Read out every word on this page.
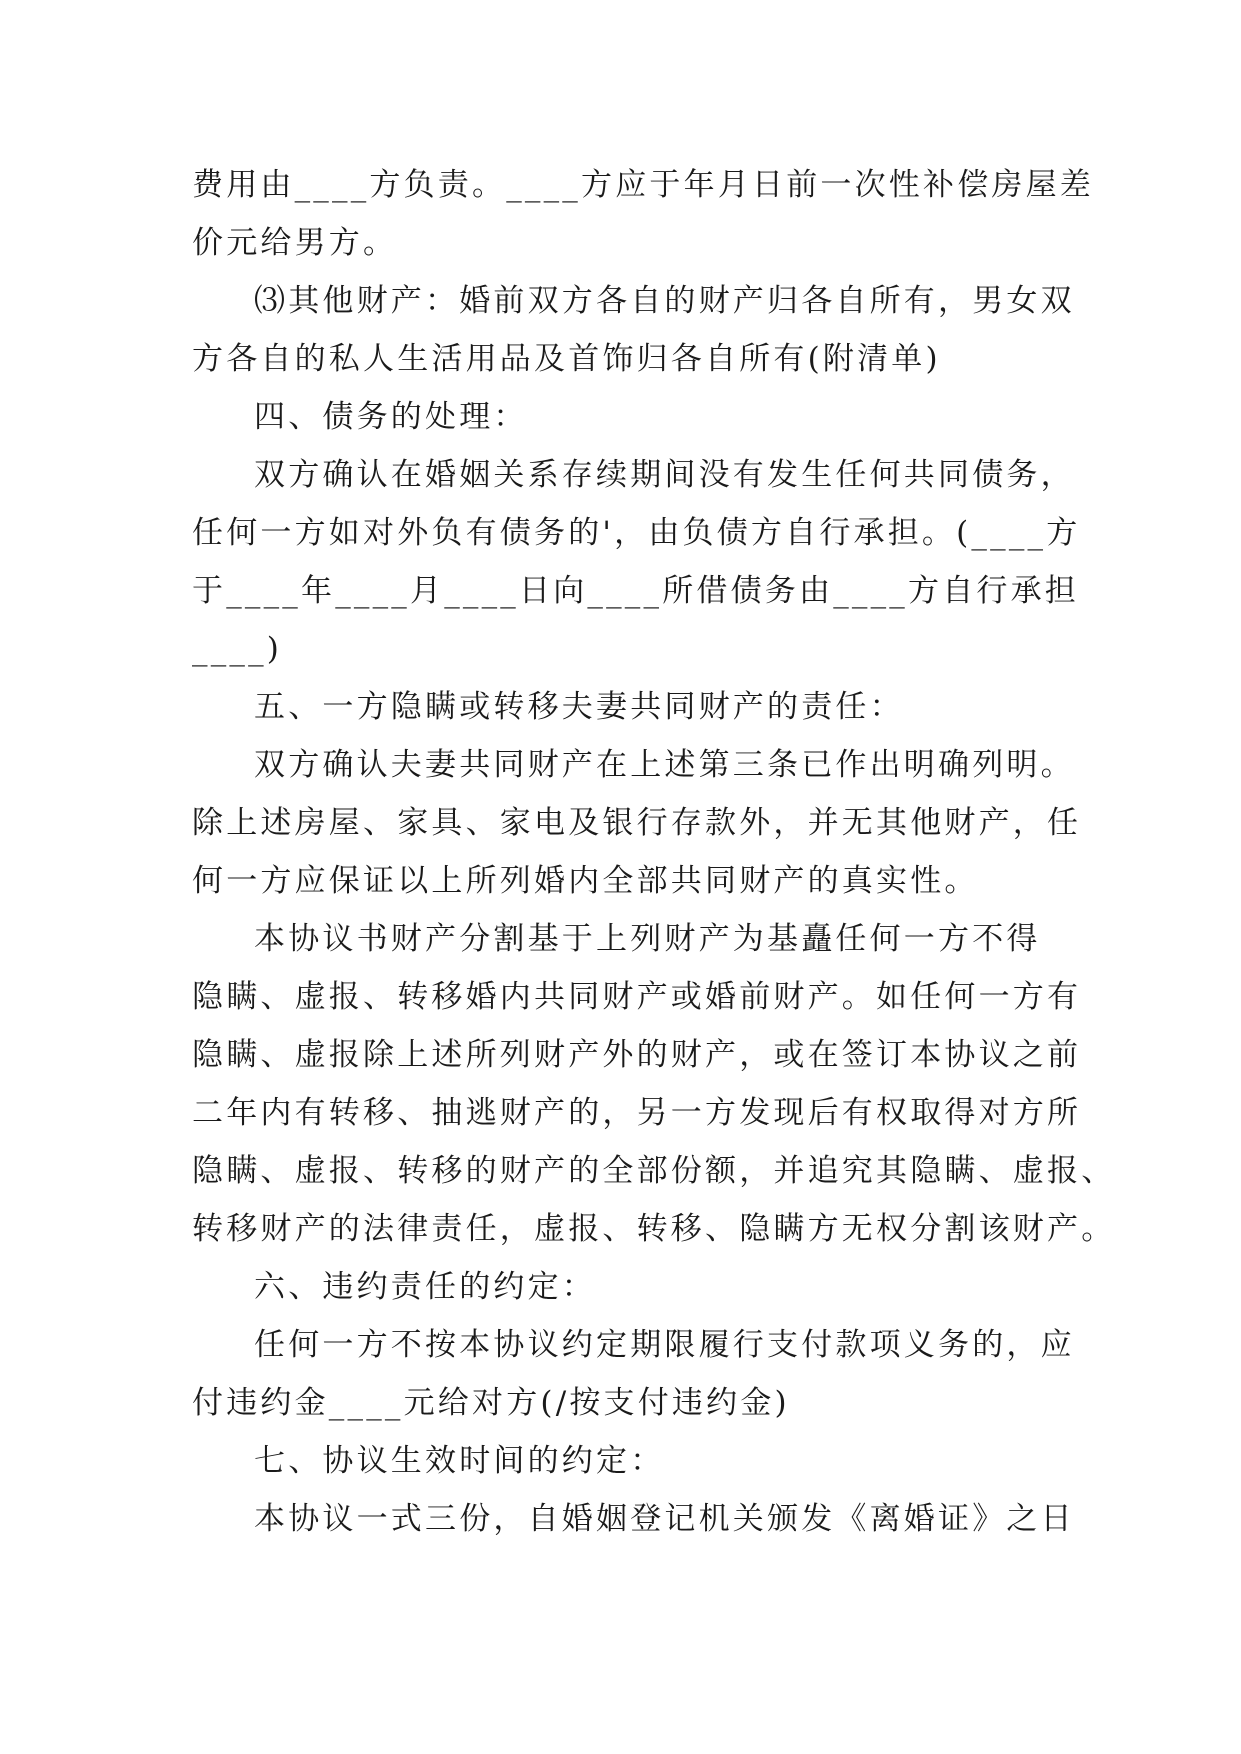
费用由____方负责。____方应于年月日前一次性补偿房屋差
价元给男方。
⑶其他财产：婚前双方各自的财产归各自所有，男女双
方各自的私人生活用品及首饰归各自所有(附清单)
四、债务的处理：
双方确认在婚姻关系存续期间没有发生任何共同债务，
任何一方如对外负有债务的'，由负债方自行承担。(____方
于____年____月____日向____所借债务由____方自行承担
____)
五、一方隐瞒或转移夫妻共同财产的责任：
双方确认夫妻共同财产在上述第三条已作出明确列明。
除上述房屋、家具、家电及银行存款外，并无其他财产，任
何一方应保证以上所列婚内全部共同财产的真实性。
本协议书财产分割基于上列财产为基矗任何一方不得
隐瞒、虚报、转移婚内共同财产或婚前财产。如任何一方有
隐瞒、虚报除上述所列财产外的财产，或在签订本协议之前
二年内有转移、抽逃财产的，另一方发现后有权取得对方所
隐瞒、虚报、转移的财产的全部份额，并追究其隐瞒、虚报、
转移财产的法律责任，虚报、转移、隐瞒方无权分割该财产。
六、违约责任的约定：
任何一方不按本协议约定期限履行支付款项义务的，应
付违约金____元给对方(/按支付违约金)
七、协议生效时间的约定：
本协议一式三份，自婚姻登记机关颁发《离婚证》之日
